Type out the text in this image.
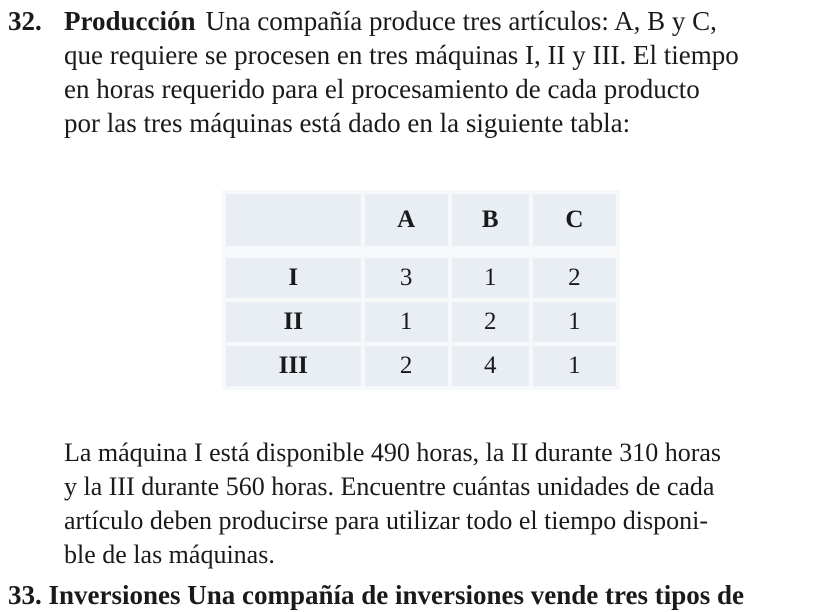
32. Producción Una compañía produce tres artículos: A, B y C,
que requiere se procesen en tres máquinas I, II y III. El tiempo
en horas requerido para el procesamiento de cada producto
por las tres máquinas está dado en la siguiente tabla:
	A	B	C

I	3	1	2
II	1	2	1
III	2	4	1
La máquina I está disponible 490 horas, la II durante 310 horas
y la III durante 560 horas. Encuentre cuántas unidades de cada
artículo deben producirse para utilizar todo el tiempo disponi-
ble de las máquinas.
33. Inversiones Una compañía de inversiones vende tres tipos de
